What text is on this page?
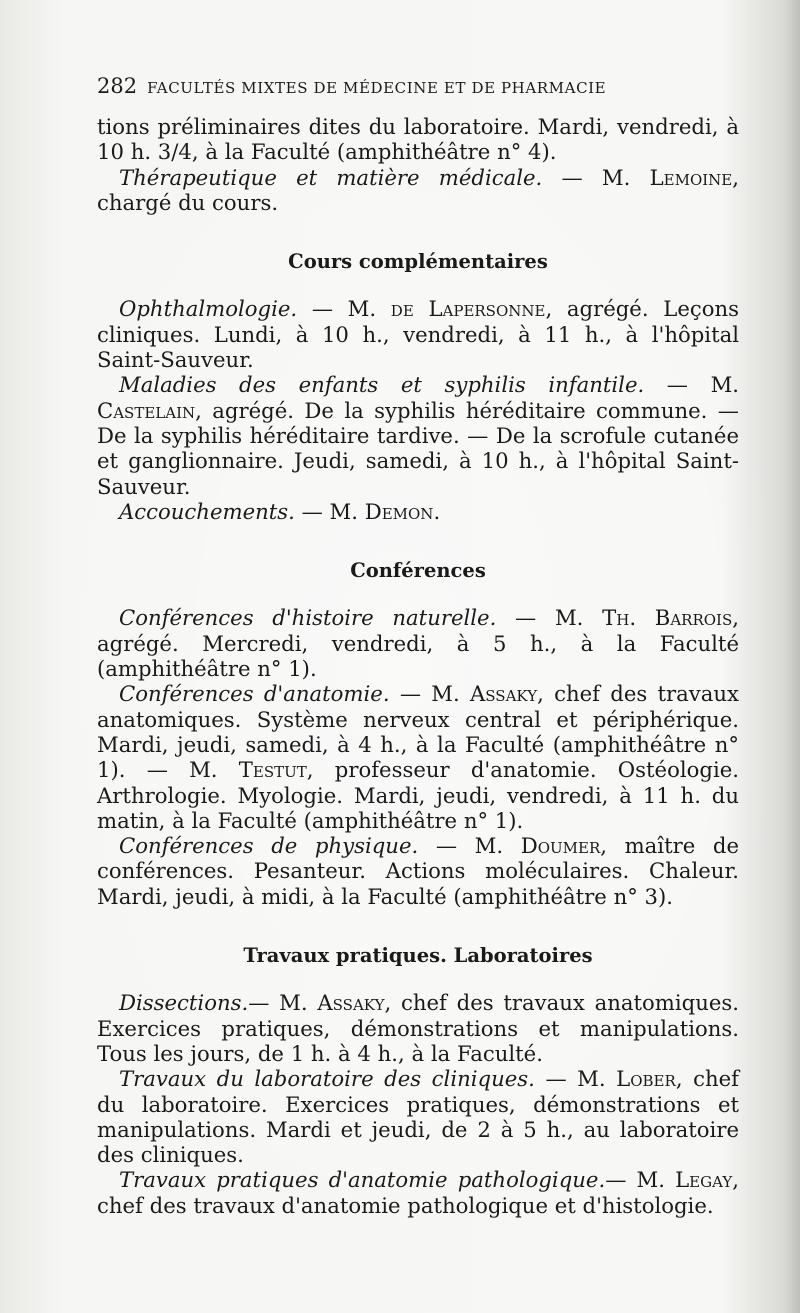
282 FACULTÉS MIXTES DE MÉDECINE ET DE PHARMACIE

tions préliminaires dites du laboratoire. Mardi, vendredi, à 10 h. 3/4, à la Faculté (amphithéâtre n° 4).

Thérapeutique et matière médicale. — M. Lemoine, chargé du cours.

Cours complémentaires

Ophthalmologie. — M. de Lapersonne, agrégé. Leçons cliniques. Lundi, à 10 h., vendredi, à 11 h., à l'hôpital Saint-Sauveur.

Maladies des enfants et syphilis infantile. — M. Castelain, agrégé. De la syphilis héréditaire commune. — De la syphilis héréditaire tardive. — De la scrofule cutanée et ganglionnaire. Jeudi, samedi, à 10 h., à l'hôpital Saint-Sauveur.

Accouchements. — M. Demon.

Conférences

Conférences d'histoire naturelle. — M. Th. Barrois, agrégé. Mercredi, vendredi, à 5 h., à la Faculté (amphithéâtre n° 1).

Conférences d'anatomie. — M. Assaky, chef des travaux anatomiques. Système nerveux central et périphérique. Mardi, jeudi, samedi, à 4 h., à la Faculté (amphithéâtre n° 1). — M. Testut, professeur d'anatomie. Ostéologie. Arthrologie. Myologie. Mardi, jeudi, vendredi, à 11 h. du matin, à la Faculté (amphithéâtre n° 1).

Conférences de physique. — M. Doumer, maître de conférences. Pesanteur. Actions moléculaires. Chaleur. Mardi, jeudi, à midi, à la Faculté (amphithéâtre n° 3).

Travaux pratiques. Laboratoires

Dissections.— M. Assaky, chef des travaux anatomiques. Exercices pratiques, démonstrations et manipulations. Tous les jours, de 1 h. à 4 h., à la Faculté.

Travaux du laboratoire des cliniques. — M. Lober, chef du laboratoire. Exercices pratiques, démonstrations et manipulations. Mardi et jeudi, de 2 à 5 h., au laboratoire des cliniques.

Travaux pratiques d'anatomie pathologique.— M. Legay, chef des travaux d'anatomie pathologique et d'histologie.
